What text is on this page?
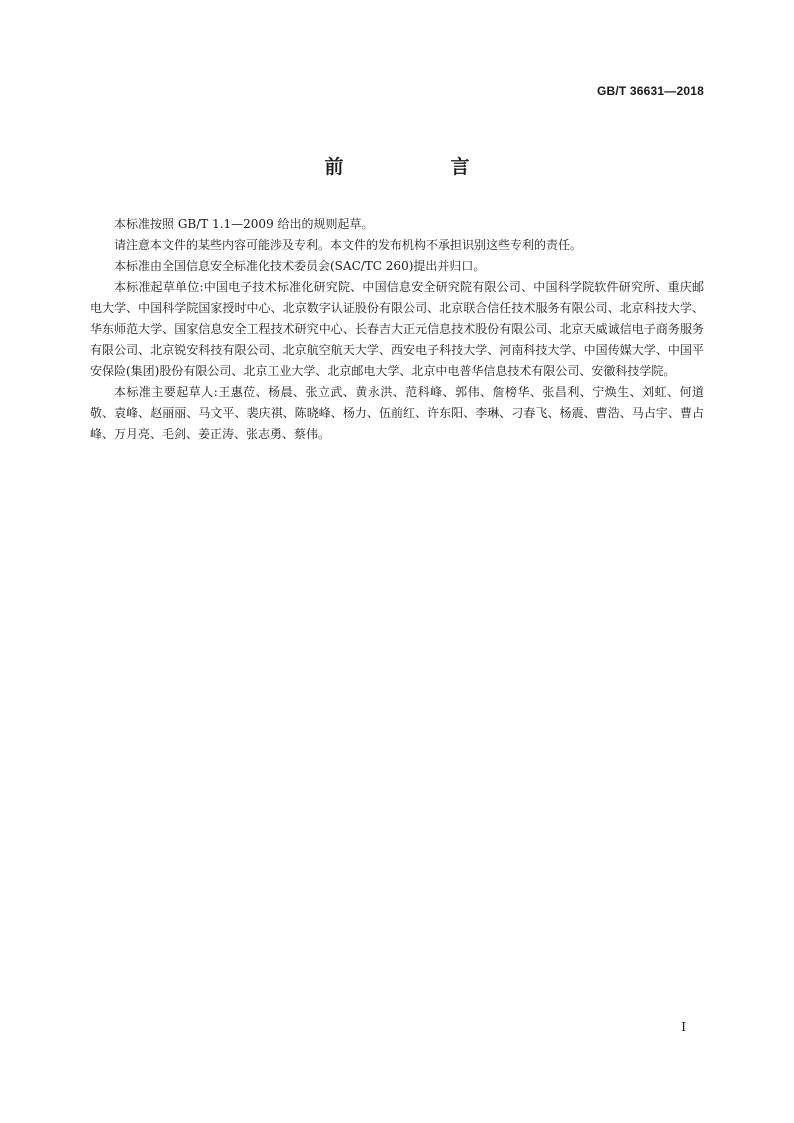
GB/T 36631—2018
前　言

本标准按照 GB/T 1.1—2009 给出的规则起草。

请注意本文件的某些内容可能涉及专利。本文件的发布机构不承担识别这些专利的责任。

本标准由全国信息安全标准化技术委员会(SAC/TC 260)提出并归口。

本标准起草单位:中国电子技术标准化研究院、中国信息安全研究院有限公司、中国科学院软件研究所、重庆邮电大学、中国科学院国家授时中心、北京数字认证股份有限公司、北京联合信任技术服务有限公司、北京科技大学、华东师范大学、国家信息安全工程技术研究中心、长春吉大正元信息技术股份有限公司、北京天威诚信电子商务服务有限公司、北京锐安科技有限公司、北京航空航天大学、西安电子科技大学、河南科技大学、中国传媒大学、中国平安保险(集团)股份有限公司、北京工业大学、北京邮电大学、北京中电普华信息技术有限公司、安徽科技学院。

本标准主要起草人:王惠莅、杨晨、张立武、黄永洪、范科峰、郭伟、詹榜华、张昌利、宁焕生、刘虹、何道敬、袁峰、赵丽丽、马文平、裴庆祺、陈晓峰、杨力、伍前红、许东阳、李琳、刁春飞、杨震、曹浩、马占宇、曹占峰、万月亮、毛剑、姜正涛、张志勇、蔡伟。

I
